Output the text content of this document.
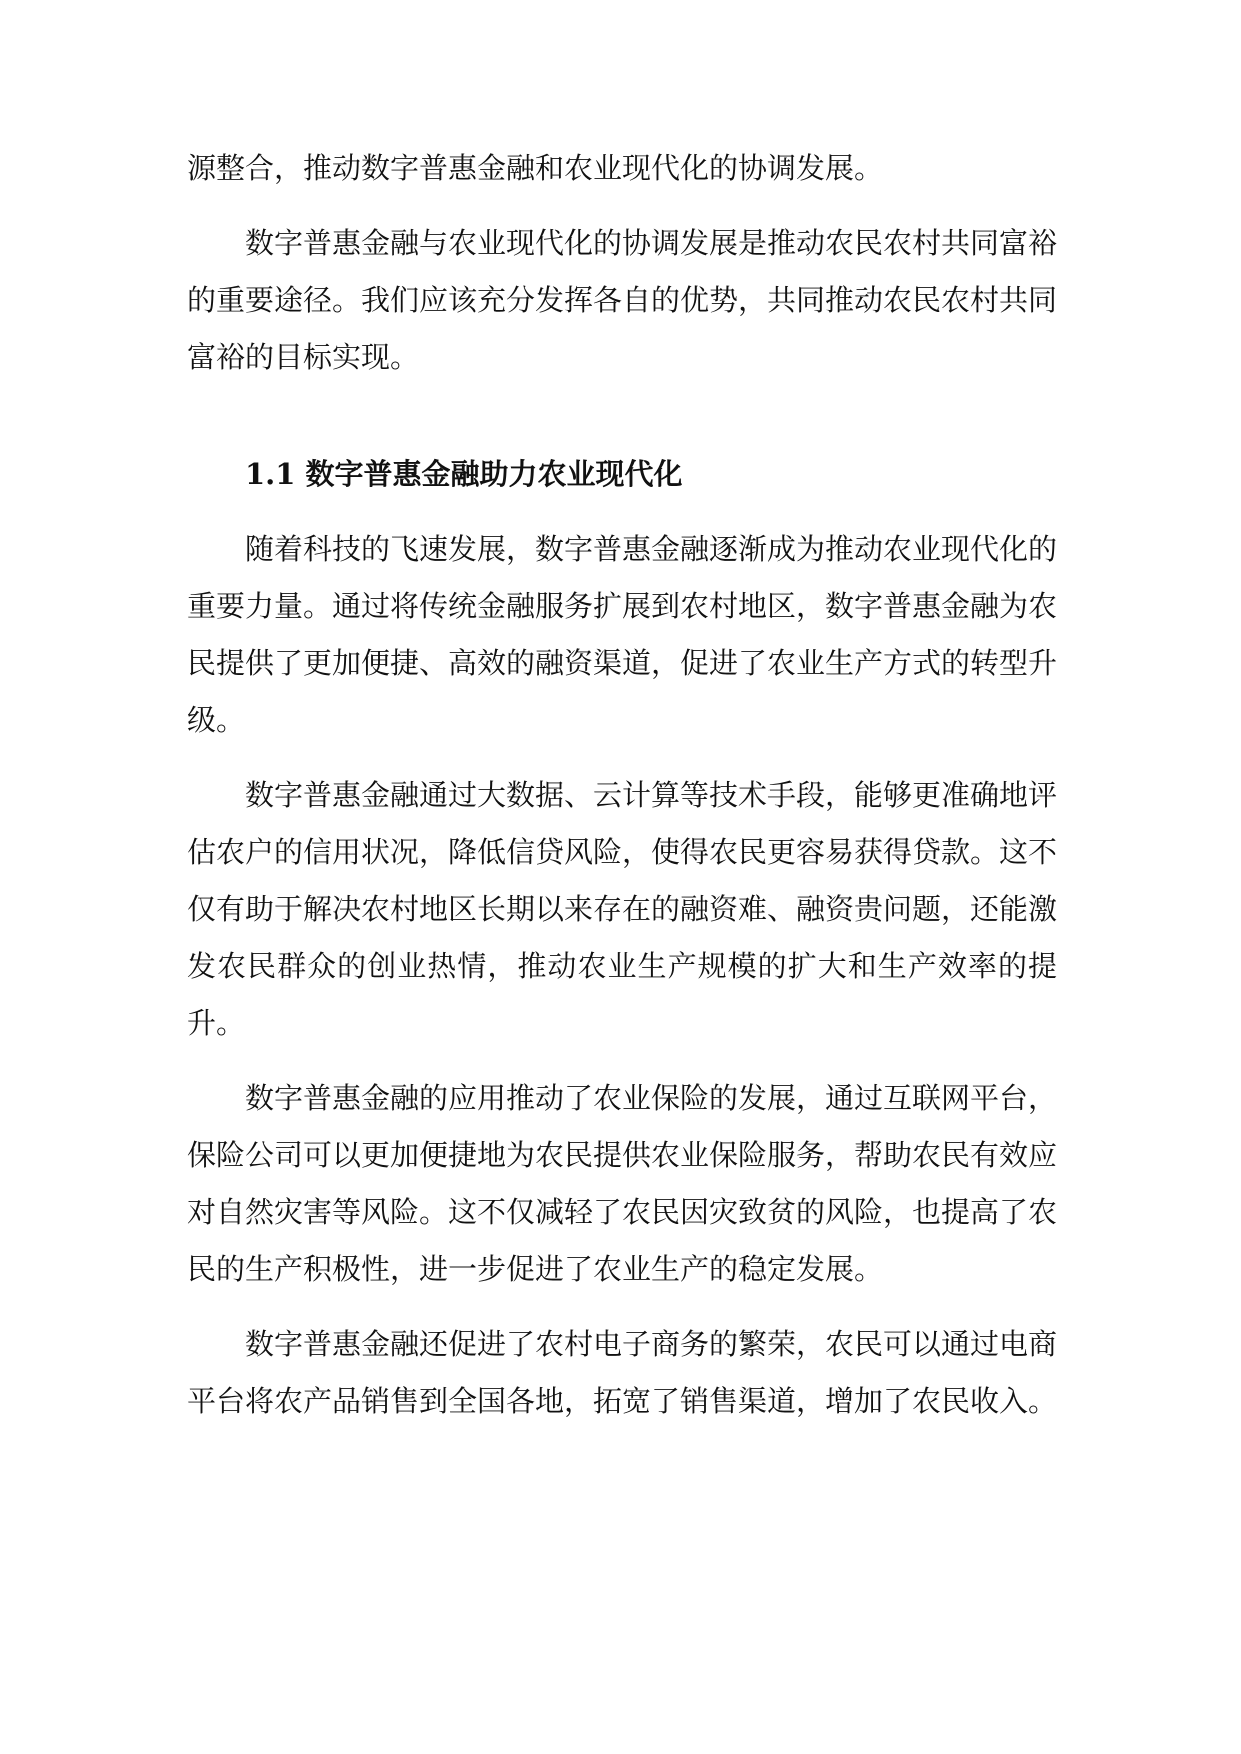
源整合，推动数字普惠金融和农业现代化的协调发展。

数字普惠金融与农业现代化的协调发展是推动农民农村共同富裕的重要途径。我们应该充分发挥各自的优势，共同推动农民农村共同富裕的目标实现。

1.1 数字普惠金融助力农业现代化

随着科技的飞速发展，数字普惠金融逐渐成为推动农业现代化的重要力量。通过将传统金融服务扩展到农村地区，数字普惠金融为农民提供了更加便捷、高效的融资渠道，促进了农业生产方式的转型升级。

数字普惠金融通过大数据、云计算等技术手段，能够更准确地评估农户的信用状况，降低信贷风险，使得农民更容易获得贷款。这不仅有助于解决农村地区长期以来存在的融资难、融资贵问题，还能激发农民群众的创业热情，推动农业生产规模的扩大和生产效率的提升。

数字普惠金融的应用推动了农业保险的发展，通过互联网平台，保险公司可以更加便捷地为农民提供农业保险服务，帮助农民有效应对自然灾害等风险。这不仅减轻了农民因灾致贫的风险，也提高了农民的生产积极性，进一步促进了农业生产的稳定发展。

数字普惠金融还促进了农村电子商务的繁荣，农民可以通过电商平台将农产品销售到全国各地，拓宽了销售渠道，增加了农民收入。
